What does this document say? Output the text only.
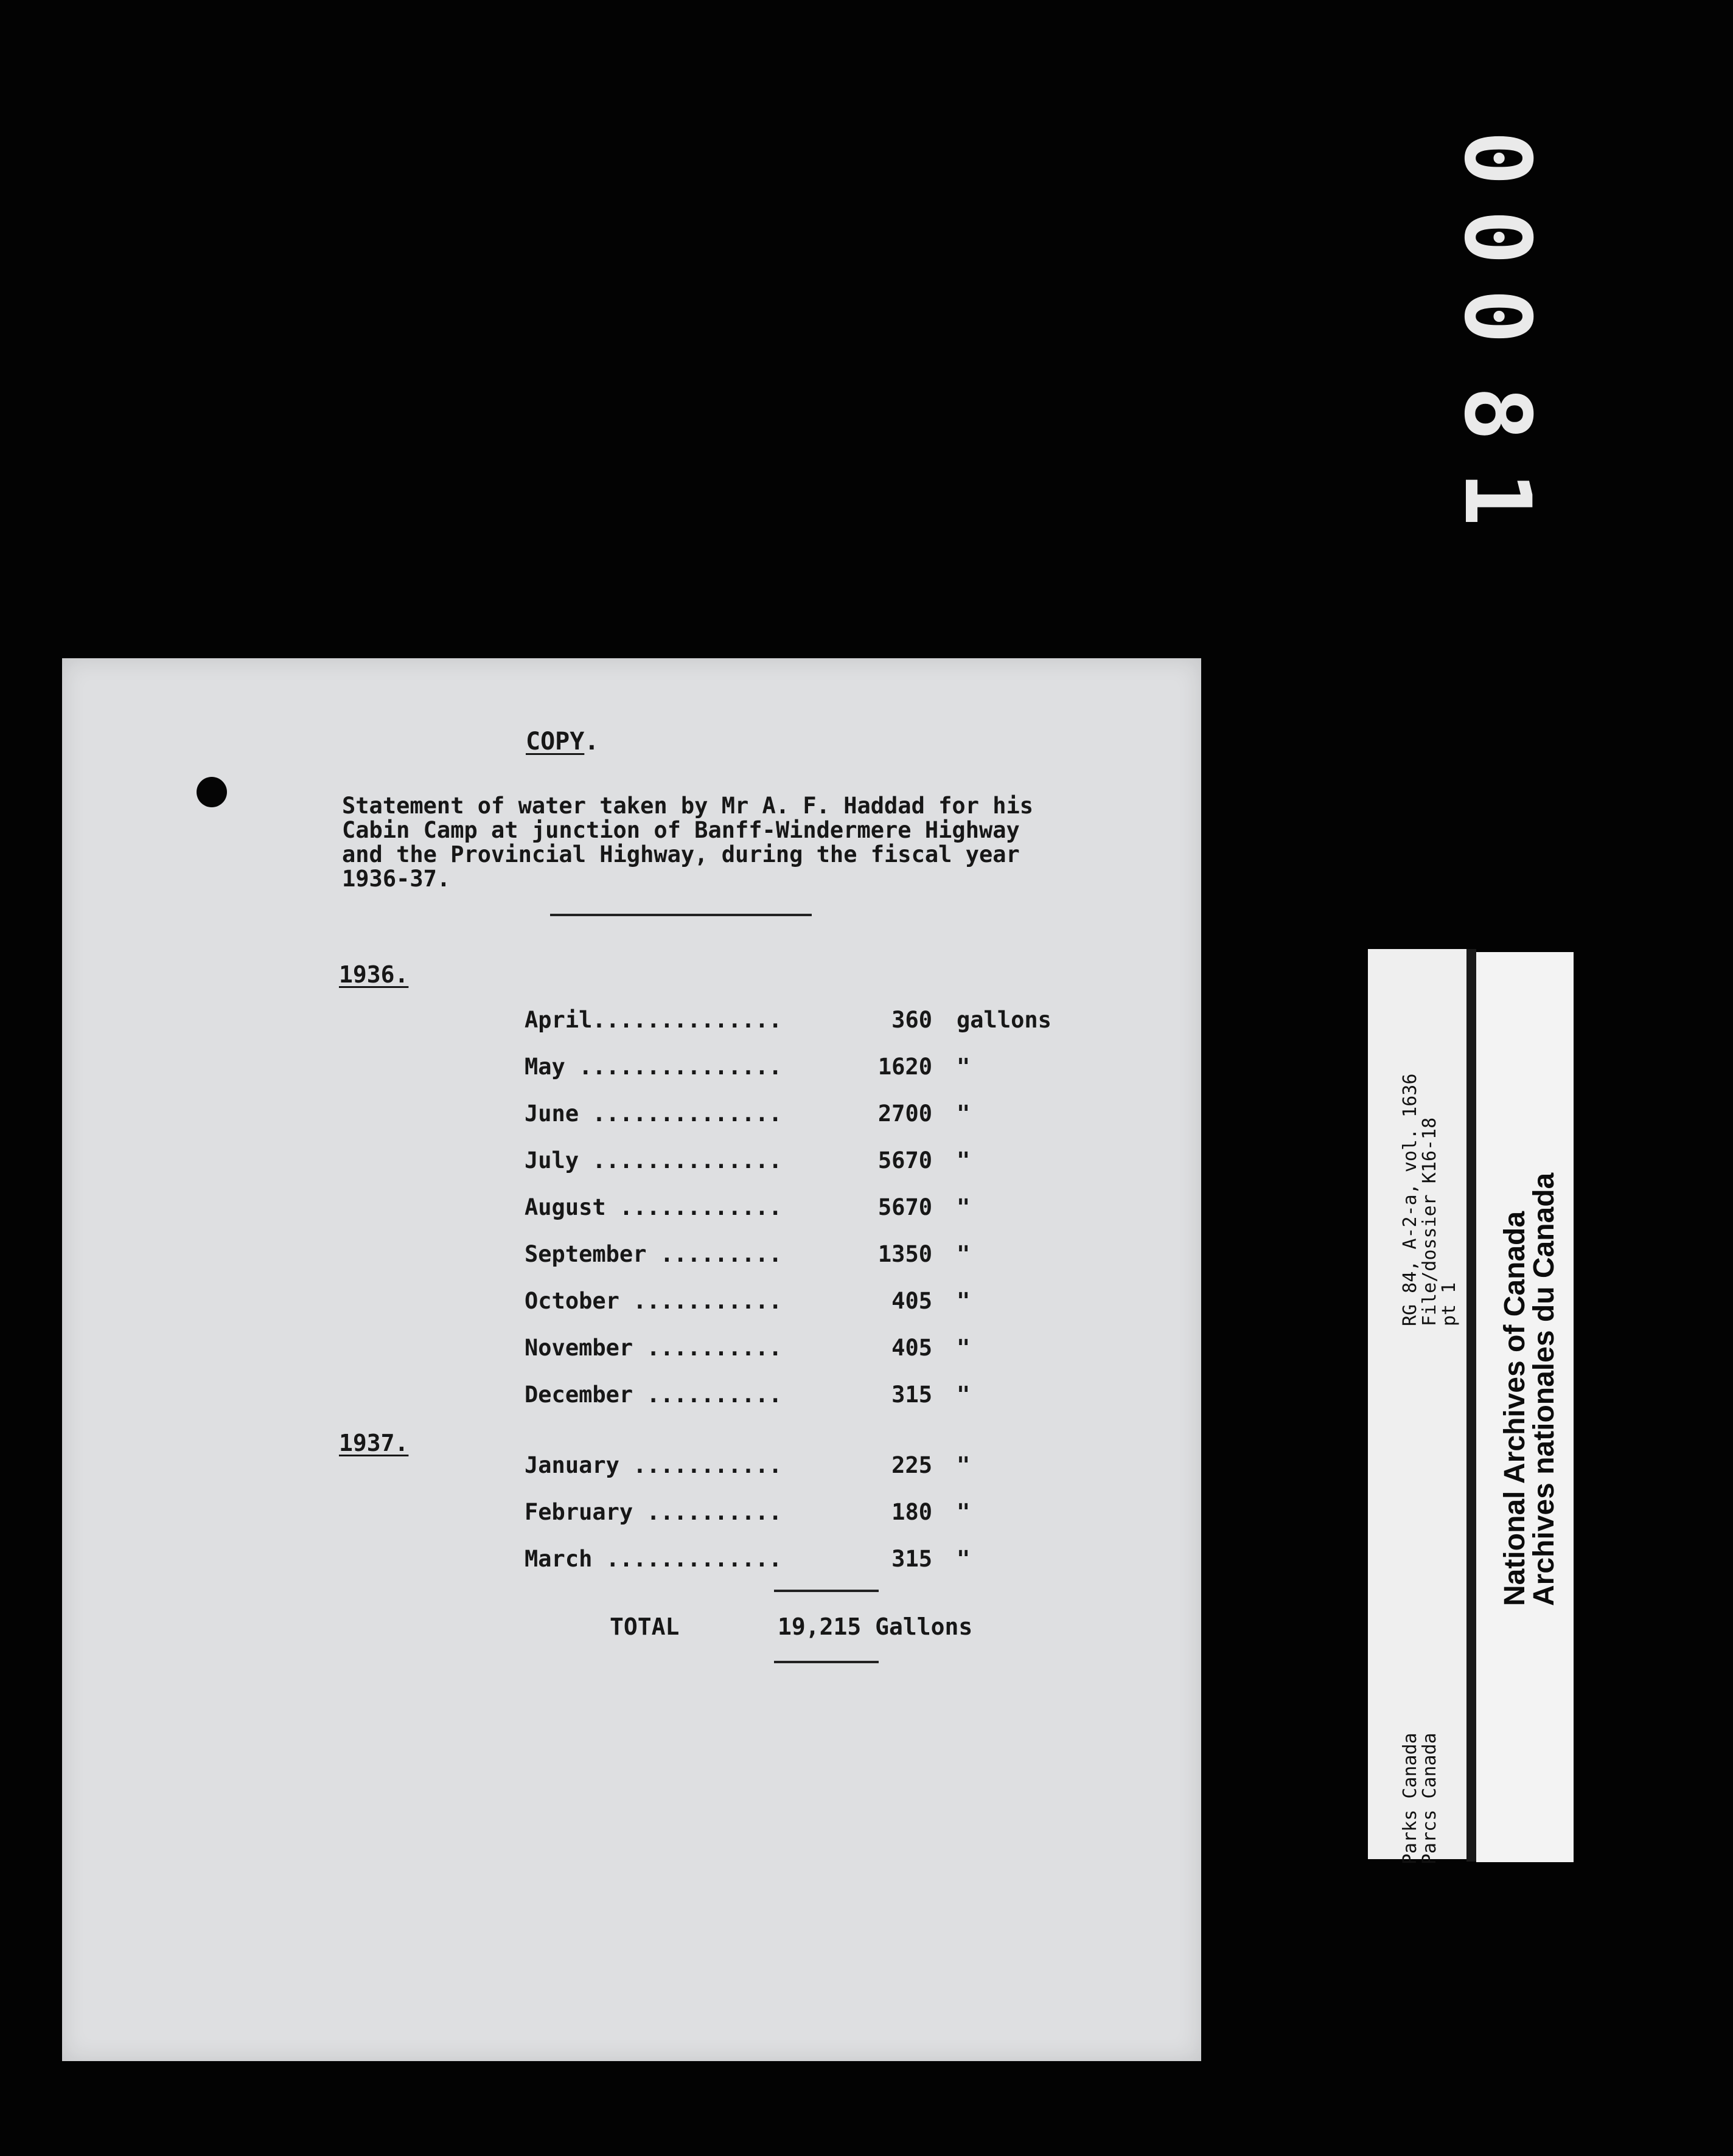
0
0
0
8
1
COPY.
Statement of water taken by Mr A. F. Haddad for his
Cabin Camp at junction of Banff-Windermere Highway
and the Provincial Highway, during the fiscal year
1936-37.
1936.
1937.
April..............	360 gallons
May ...............	1620 "
June ..............	2700 "
July ..............	5670 "
August ............	5670 "
September .........	1350 "
October ...........	405 "
November ..........	405 "
December ..........	315 "
January ...........	225 "
February ..........	180 "
March .............	315 "
TOTAL	19,215 Gallons
RG 84, A-2-a, vol. 1636
File/dossier K16-18
pt 1
Parks Canada
Parcs Canada
National Archives of Canada
Archives nationales du Canada
